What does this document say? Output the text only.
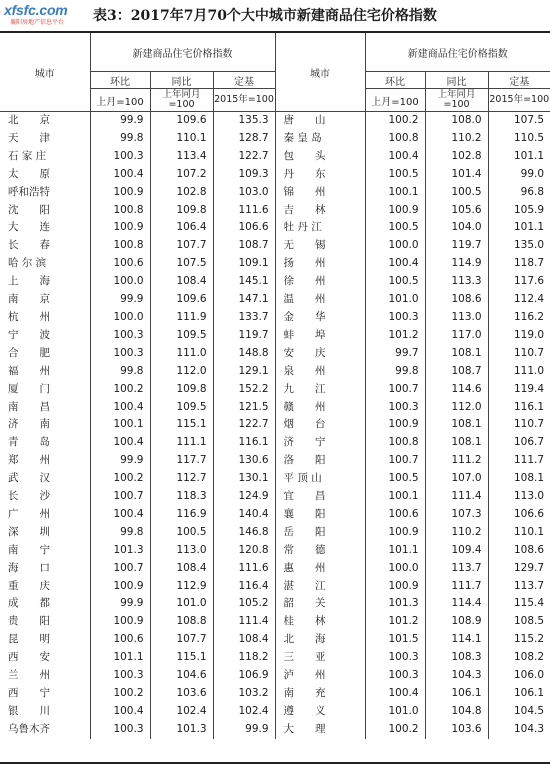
xfsfc.com
襄阳房地产信息平台 表3：2017年7月70个大中城市新建商品住宅价格指数
城市	新建商品住宅价格指数			城市	新建商品住宅价格指数		
	环比	同比	定基		环比	同比	定基
	上月=100	上年同月=100	2015年=100		上月=100	上年同月=100	2015年=100
北　　京	99.9	109.6	135.3	唐　　山	100.2	108.0	107.5
天　　津	99.8	110.1	128.7	秦 皇 岛	100.8	110.2	110.5
石 家 庄	100.3	113.4	122.7	包　　头	100.4	102.8	101.1
太　　原	100.4	107.2	109.3	丹　　东	100.5	101.4	99.0
呼和浩特	100.9	102.8	103.0	锦　　州	100.1	100.5	96.8
沈　　阳	100.8	109.8	111.6	吉　　林	100.9	105.6	105.9
大　　连	100.9	106.4	106.6	牡 丹 江	100.5	104.0	101.1
长　　春	100.8	107.7	108.7	无　　锡	100.0	119.7	135.0
哈 尔 滨	100.6	107.5	109.1	扬　　州	100.4	114.9	118.7
上　　海	100.0	108.4	145.1	徐　　州	100.5	113.3	117.6
南　　京	99.9	109.6	147.1	温　　州	101.0	108.6	112.4
杭　　州	100.0	111.9	133.7	金　　华	100.3	113.0	116.2
宁　　波	100.3	109.5	119.7	蚌　　埠	101.2	117.0	119.0
合　　肥	100.3	111.0	148.8	安　　庆	99.7	108.1	110.7
福　　州	99.8	112.0	129.1	泉　　州	99.8	108.7	111.0
厦　　门	100.2	109.8	152.2	九　　江	100.7	114.6	119.4
南　　昌	100.4	109.5	121.5	赣　　州	100.3	112.0	116.1
济　　南	100.1	115.1	122.7	烟　　台	100.9	108.1	110.7
青　　岛	100.4	111.1	116.1	济　　宁	100.8	108.1	106.7
郑　　州	99.9	117.7	130.6	洛　　阳	100.7	111.2	111.7
武　　汉	100.2	112.7	130.1	平 顶 山	100.5	107.0	108.1
长　　沙	100.7	118.3	124.9	宜　　昌	100.1	111.4	113.0
广　　州	100.4	116.9	140.4	襄　　阳	100.6	107.3	106.6
深　　圳	99.8	100.5	146.8	岳　　阳	100.9	110.2	110.1
南　　宁	101.3	113.0	120.8	常　　德	101.1	109.4	108.6
海　　口	100.7	108.4	111.6	惠　　州	100.0	113.7	129.7
重　　庆	100.9	112.9	116.4	湛　　江	100.9	111.7	113.7
成　　都	99.9	101.0	105.2	韶　　关	101.3	114.4	115.4
贵　　阳	100.9	108.8	111.4	桂　　林	101.2	108.9	108.5
昆　　明	100.6	107.7	108.4	北　　海	101.5	114.1	115.2
西　　安	101.1	115.1	118.2	三　　亚	100.3	108.3	108.2
兰　　州	100.3	104.6	106.9	泸　　州	100.3	104.3	106.0
西　　宁	100.2	103.6	103.2	南　　充	100.4	106.1	106.1
银　　川	100.4	102.4	102.4	遵　　义	101.0	104.8	104.5
乌鲁木齐	100.3	101.3	99.9	大　　理	100.2	103.6	104.3
